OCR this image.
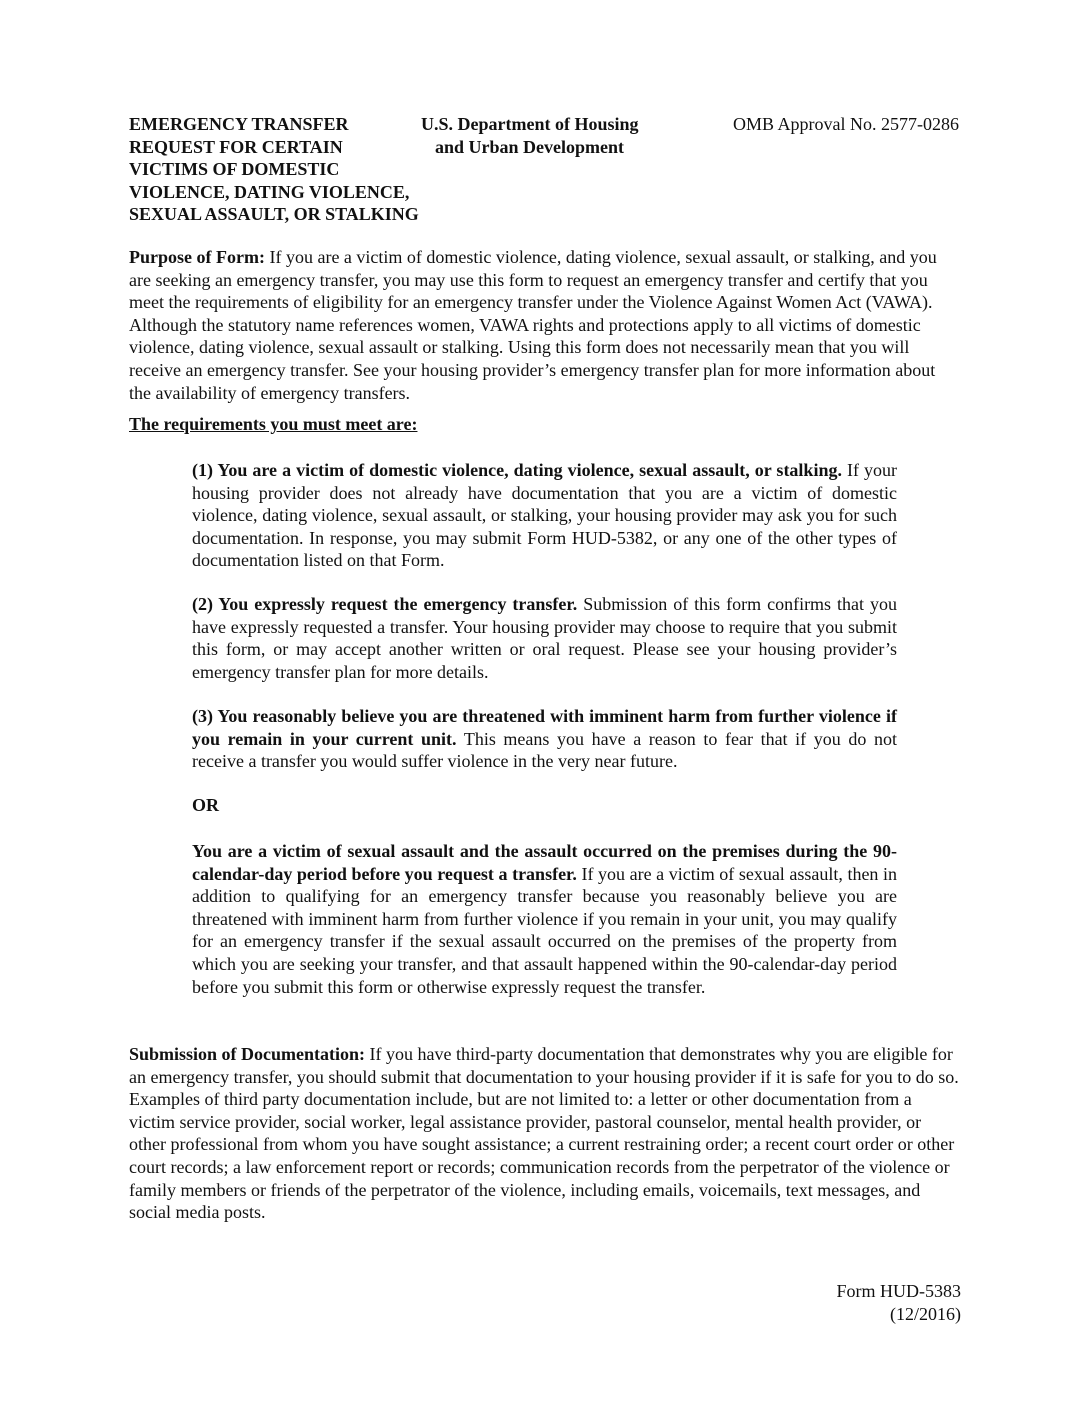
EMERGENCY TRANSFER
REQUEST FOR CERTAIN
VICTIMS OF DOMESTIC
VIOLENCE, DATING VIOLENCE,
SEXUAL ASSAULT, OR STALKING
U.S. Department of Housing
and Urban Development
OMB Approval No. 2577-0286
Purpose of Form: If you are a victim of domestic violence, dating violence, sexual assault, or stalking, and you are seeking an emergency transfer, you may use this form to request an emergency transfer and certify that you meet the requirements of eligibility for an emergency transfer under the Violence Against Women Act (VAWA). Although the statutory name references women, VAWA rights and protections apply to all victims of domestic violence, dating violence, sexual assault or stalking. Using this form does not necessarily mean that you will receive an emergency transfer. See your housing provider’s emergency transfer plan for more information about the availability of emergency transfers.
The requirements you must meet are:
(1) You are a victim of domestic violence, dating violence, sexual assault, or stalking. If your housing provider does not already have documentation that you are a victim of domestic violence, dating violence, sexual assault, or stalking, your housing provider may ask you for such documentation. In response, you may submit Form HUD-5382, or any one of the other types of documentation listed on that Form.
(2) You expressly request the emergency transfer. Submission of this form confirms that you have expressly requested a transfer. Your housing provider may choose to require that you submit this form, or may accept another written or oral request. Please see your housing provider’s emergency transfer plan for more details.
(3) You reasonably believe you are threatened with imminent harm from further violence if you remain in your current unit. This means you have a reason to fear that if you do not receive a transfer you would suffer violence in the very near future.
OR
You are a victim of sexual assault and the assault occurred on the premises during the 90-calendar-day period before you request a transfer. If you are a victim of sexual assault, then in addition to qualifying for an emergency transfer because you reasonably believe you are threatened with imminent harm from further violence if you remain in your unit, you may qualify for an emergency transfer if the sexual assault occurred on the premises of the property from which you are seeking your transfer, and that assault happened within the 90-calendar-day period before you submit this form or otherwise expressly request the transfer.
Submission of Documentation: If you have third-party documentation that demonstrates why you are eligible for an emergency transfer, you should submit that documentation to your housing provider if it is safe for you to do so. Examples of third party documentation include, but are not limited to: a letter or other documentation from a victim service provider, social worker, legal assistance provider, pastoral counselor, mental health provider, or other professional from whom you have sought assistance; a current restraining order; a recent court order or other court records; a law enforcement report or records; communication records from the perpetrator of the violence or family members or friends of the perpetrator of the violence, including emails, voicemails, text messages, and social media posts.
Form HUD-5383
(12/2016)
